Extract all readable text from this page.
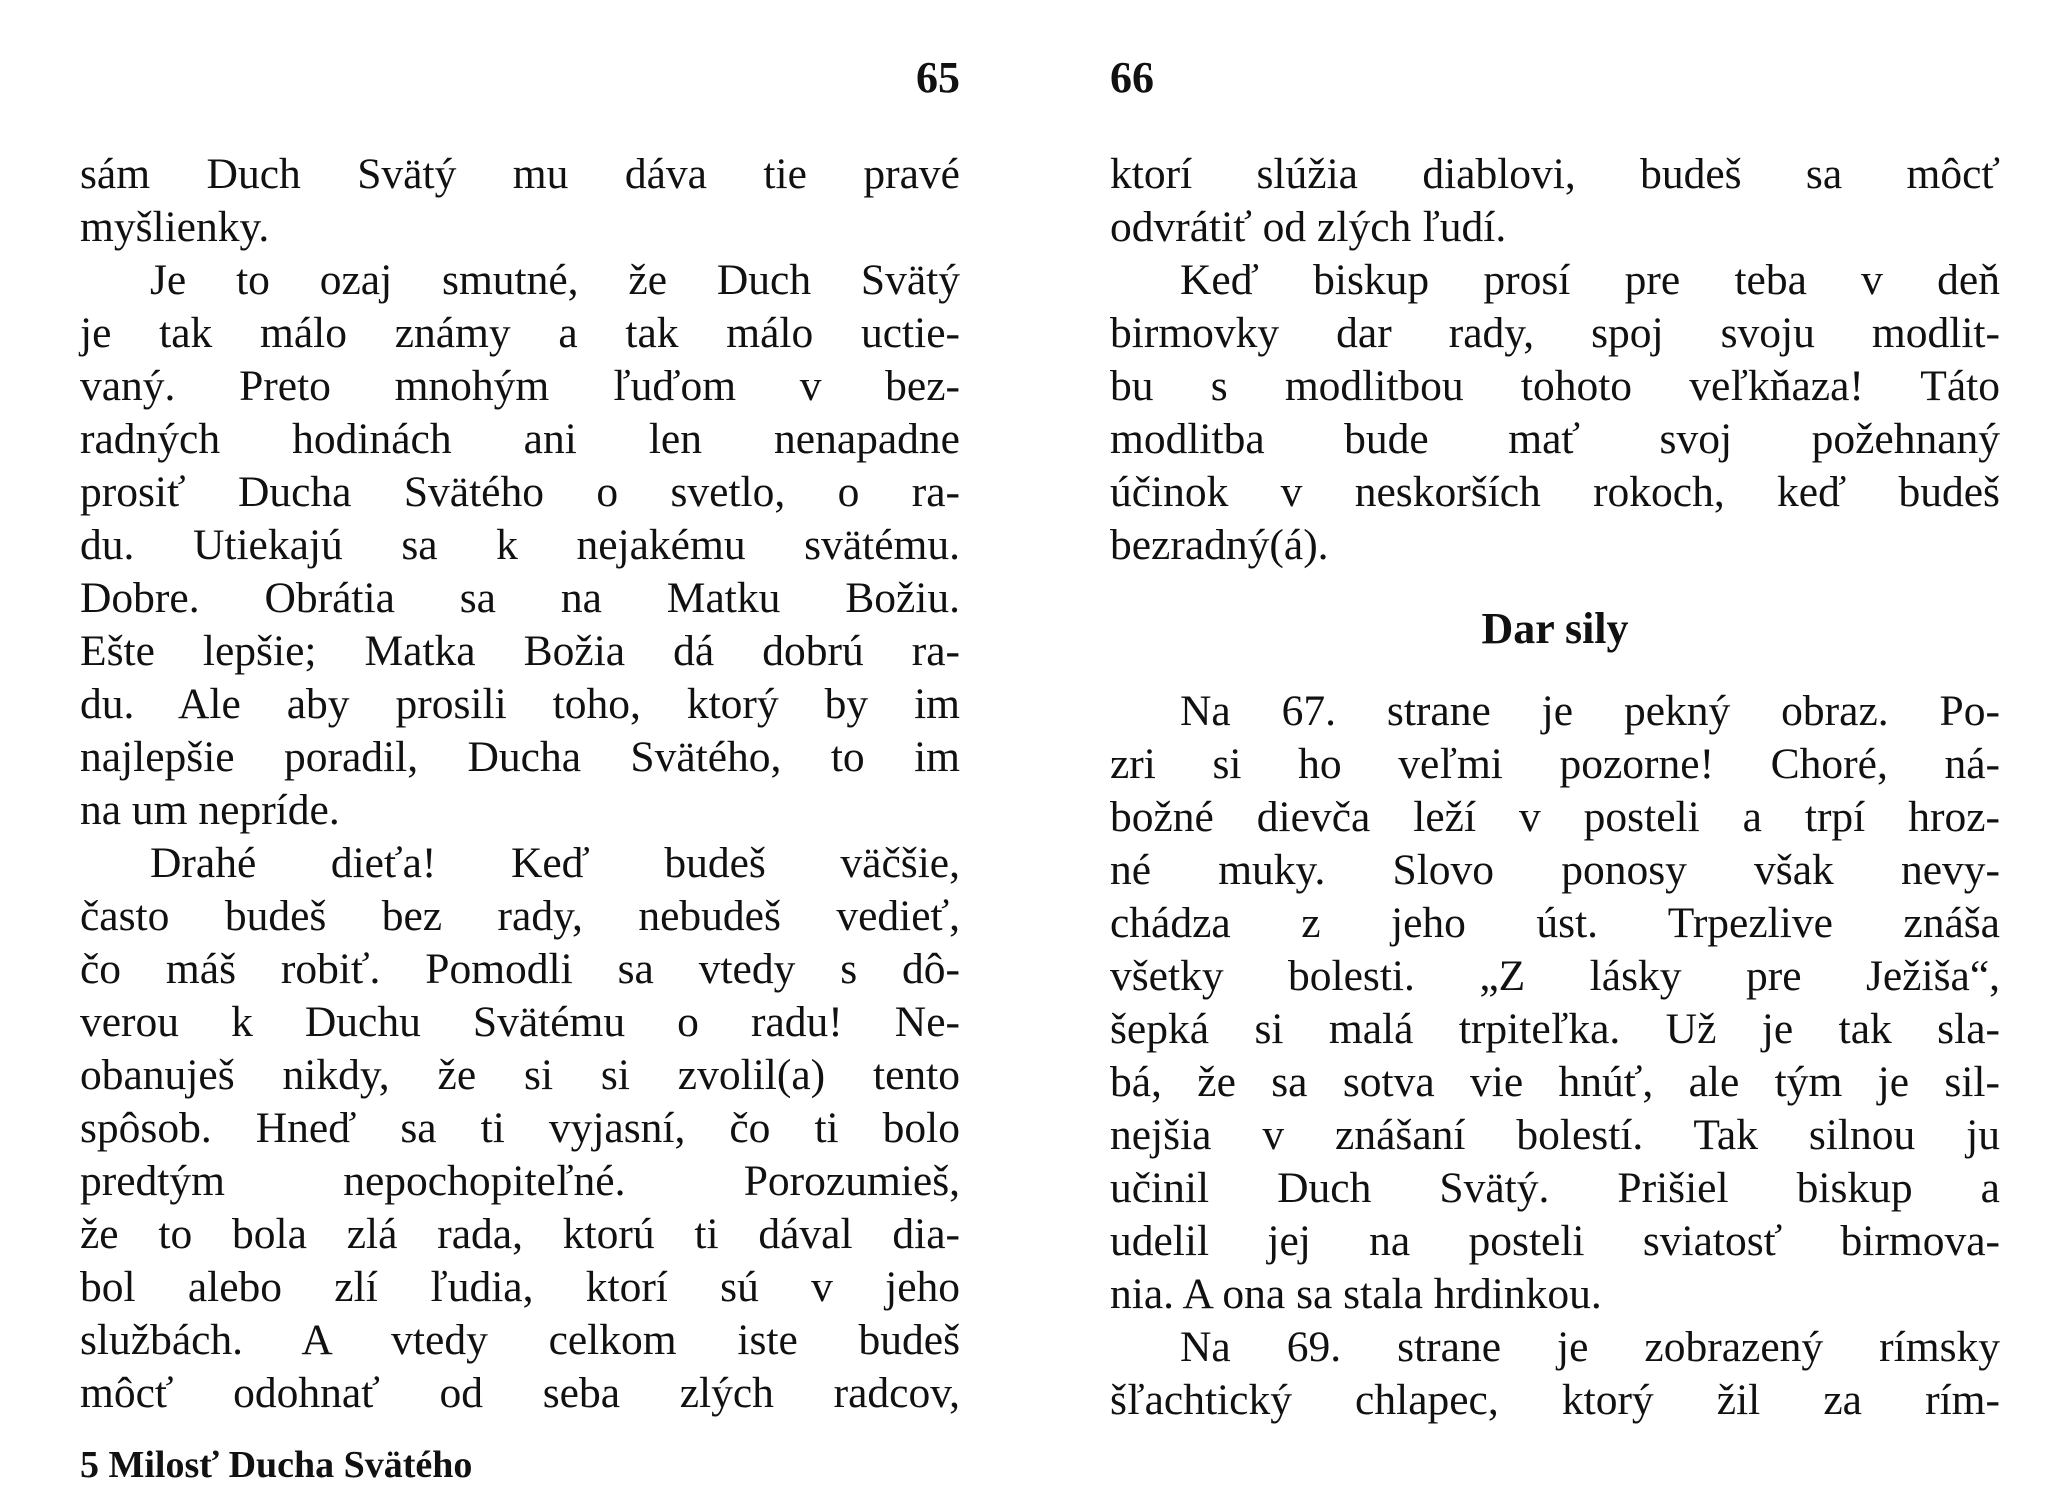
65
sám Duch Svätý mu dáva tie pravé
myšlienky.
Je to ozaj smutné, že Duch Svätý
je tak málo známy a tak málo uctie-
vaný. Preto mnohým ľuďom v bez-
radných hodinách ani len nenapadne
prosiť Ducha Svätého o svetlo, o ra-
du. Utiekajú sa k nejakému svätému.
Dobre. Obrátia sa na Matku Božiu.
Ešte lepšie; Matka Božia dá dobrú ra-
du. Ale aby prosili toho, ktorý by im
najlepšie poradil, Ducha Svätého, to im
na um nepríde.
Drahé dieťa! Keď budeš väčšie,
často budeš bez rady, nebudeš vedieť,
čo máš robiť. Pomodli sa vtedy s dô-
verou k Duchu Svätému o radu! Ne-
obanuješ nikdy, že si si zvolil(a) tento
spôsob. Hneď sa ti vyjasní, čo ti bolo
predtým nepochopiteľné. Porozumieš,
že to bola zlá rada, ktorú ti dával dia-
bol alebo zlí ľudia, ktorí sú v jeho
službách. A vtedy celkom iste budeš
môcť odohnať od seba zlých radcov,
5 Milosť Ducha Svätého
66
ktorí slúžia diablovi, budeš sa môcť
odvrátiť od zlých ľudí.
Keď biskup prosí pre teba v deň
birmovky dar rady, spoj svoju modlit-
bu s modlitbou tohoto veľkňaza! Táto
modlitba bude mať svoj požehnaný
účinok v neskorších rokoch, keď budeš
bezradný(á).
Dar sily
Na 67. strane je pekný obraz. Po-
zri si ho veľmi pozorne! Choré, ná-
božné dievča leží v posteli a trpí hroz-
né muky. Slovo ponosy však nevy-
chádza z jeho úst. Trpezlive znáša
všetky bolesti. „Z lásky pre Ježiša“,
šepká si malá trpiteľka. Už je tak sla-
bá, že sa sotva vie hnúť, ale tým je sil-
nejšia v znášaní bolestí. Tak silnou ju
učinil Duch Svätý. Prišiel biskup a
udelil jej na posteli sviatosť birmova-
nia. A ona sa stala hrdinkou.
Na 69. strane je zobrazený rímsky
šľachtický chlapec, ktorý žil za rím-
